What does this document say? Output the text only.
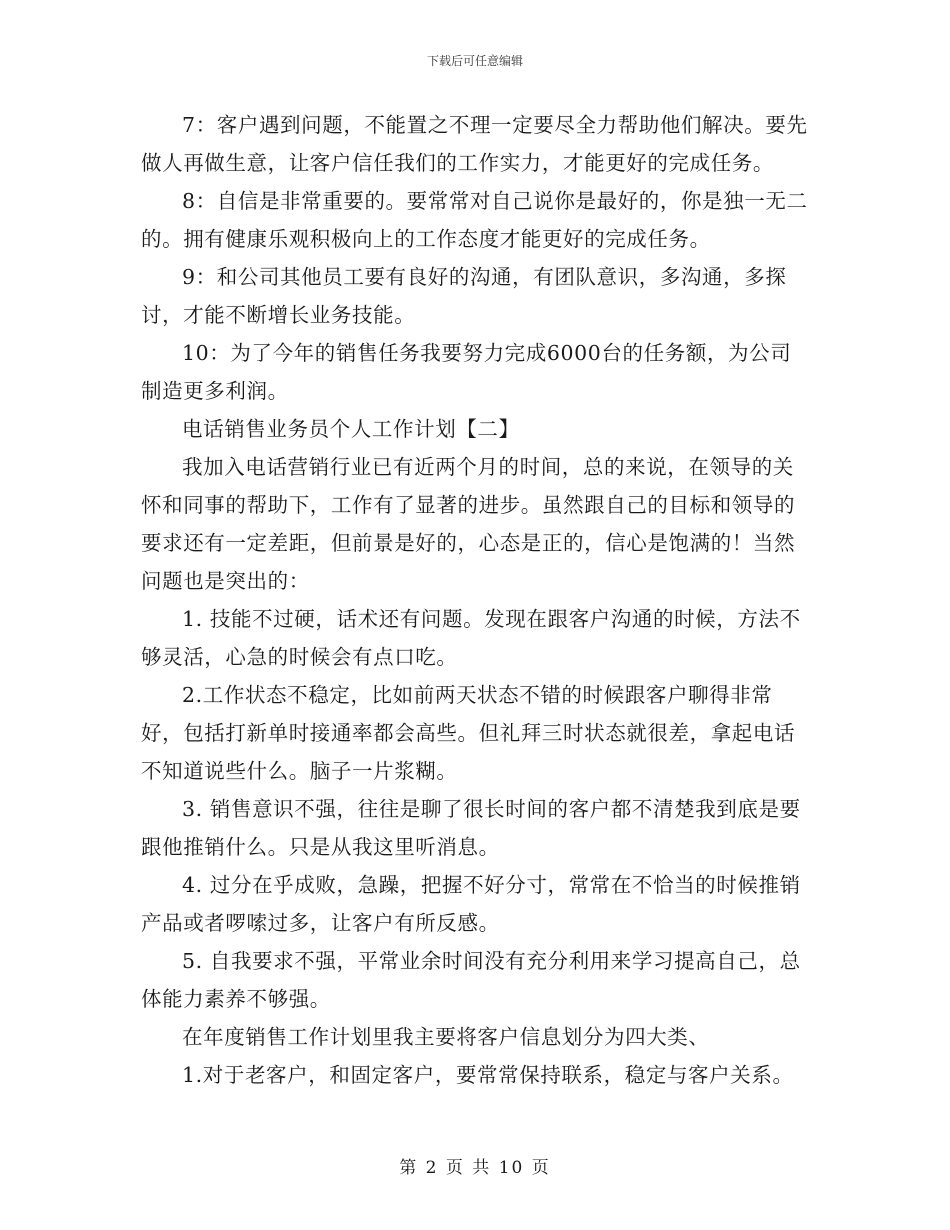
下载后可任意编辑

7：客户遇到问题，不能置之不理一定要尽全力帮助他们解决。要先做人再做生意，让客户信任我们的工作实力，才能更好的完成任务。

8：自信是非常重要的。要常常对自己说你是最好的，你是独一无二的。拥有健康乐观积极向上的工作态度才能更好的完成任务。

9：和公司其他员工要有良好的沟通，有团队意识，多沟通，多探讨，才能不断增长业务技能。

10：为了今年的销售任务我要努力完成6000台的任务额，为公司制造更多利润。

电话销售业务员个人工作计划【二】

我加入电话营销行业已有近两个月的时间，总的来说，在领导的关怀和同事的帮助下，工作有了显著的进步。虽然跟自己的目标和领导的要求还有一定差距，但前景是好的，心态是正的，信心是饱满的！当然问题也是突出的：

1. 技能不过硬，话术还有问题。发现在跟客户沟通的时候，方法不够灵活，心急的时候会有点口吃。

2.工作状态不稳定，比如前两天状态不错的时候跟客户聊得非常好，包括打新单时接通率都会高些。但礼拜三时状态就很差，拿起电话不知道说些什么。脑子一片浆糊。

3. 销售意识不强，往往是聊了很长时间的客户都不清楚我到底是要跟他推销什么。只是从我这里听消息。

4. 过分在乎成败，急躁，把握不好分寸，常常在不恰当的时候推销产品或者啰嗦过多，让客户有所反感。

5. 自我要求不强，平常业余时间没有充分利用来学习提高自己，总体能力素养不够强。

在年度销售工作计划里我主要将客户信息划分为四大类、

1.对于老客户，和固定客户，要常常保持联系，稳定与客户关系。

第 2 页 共 10 页
